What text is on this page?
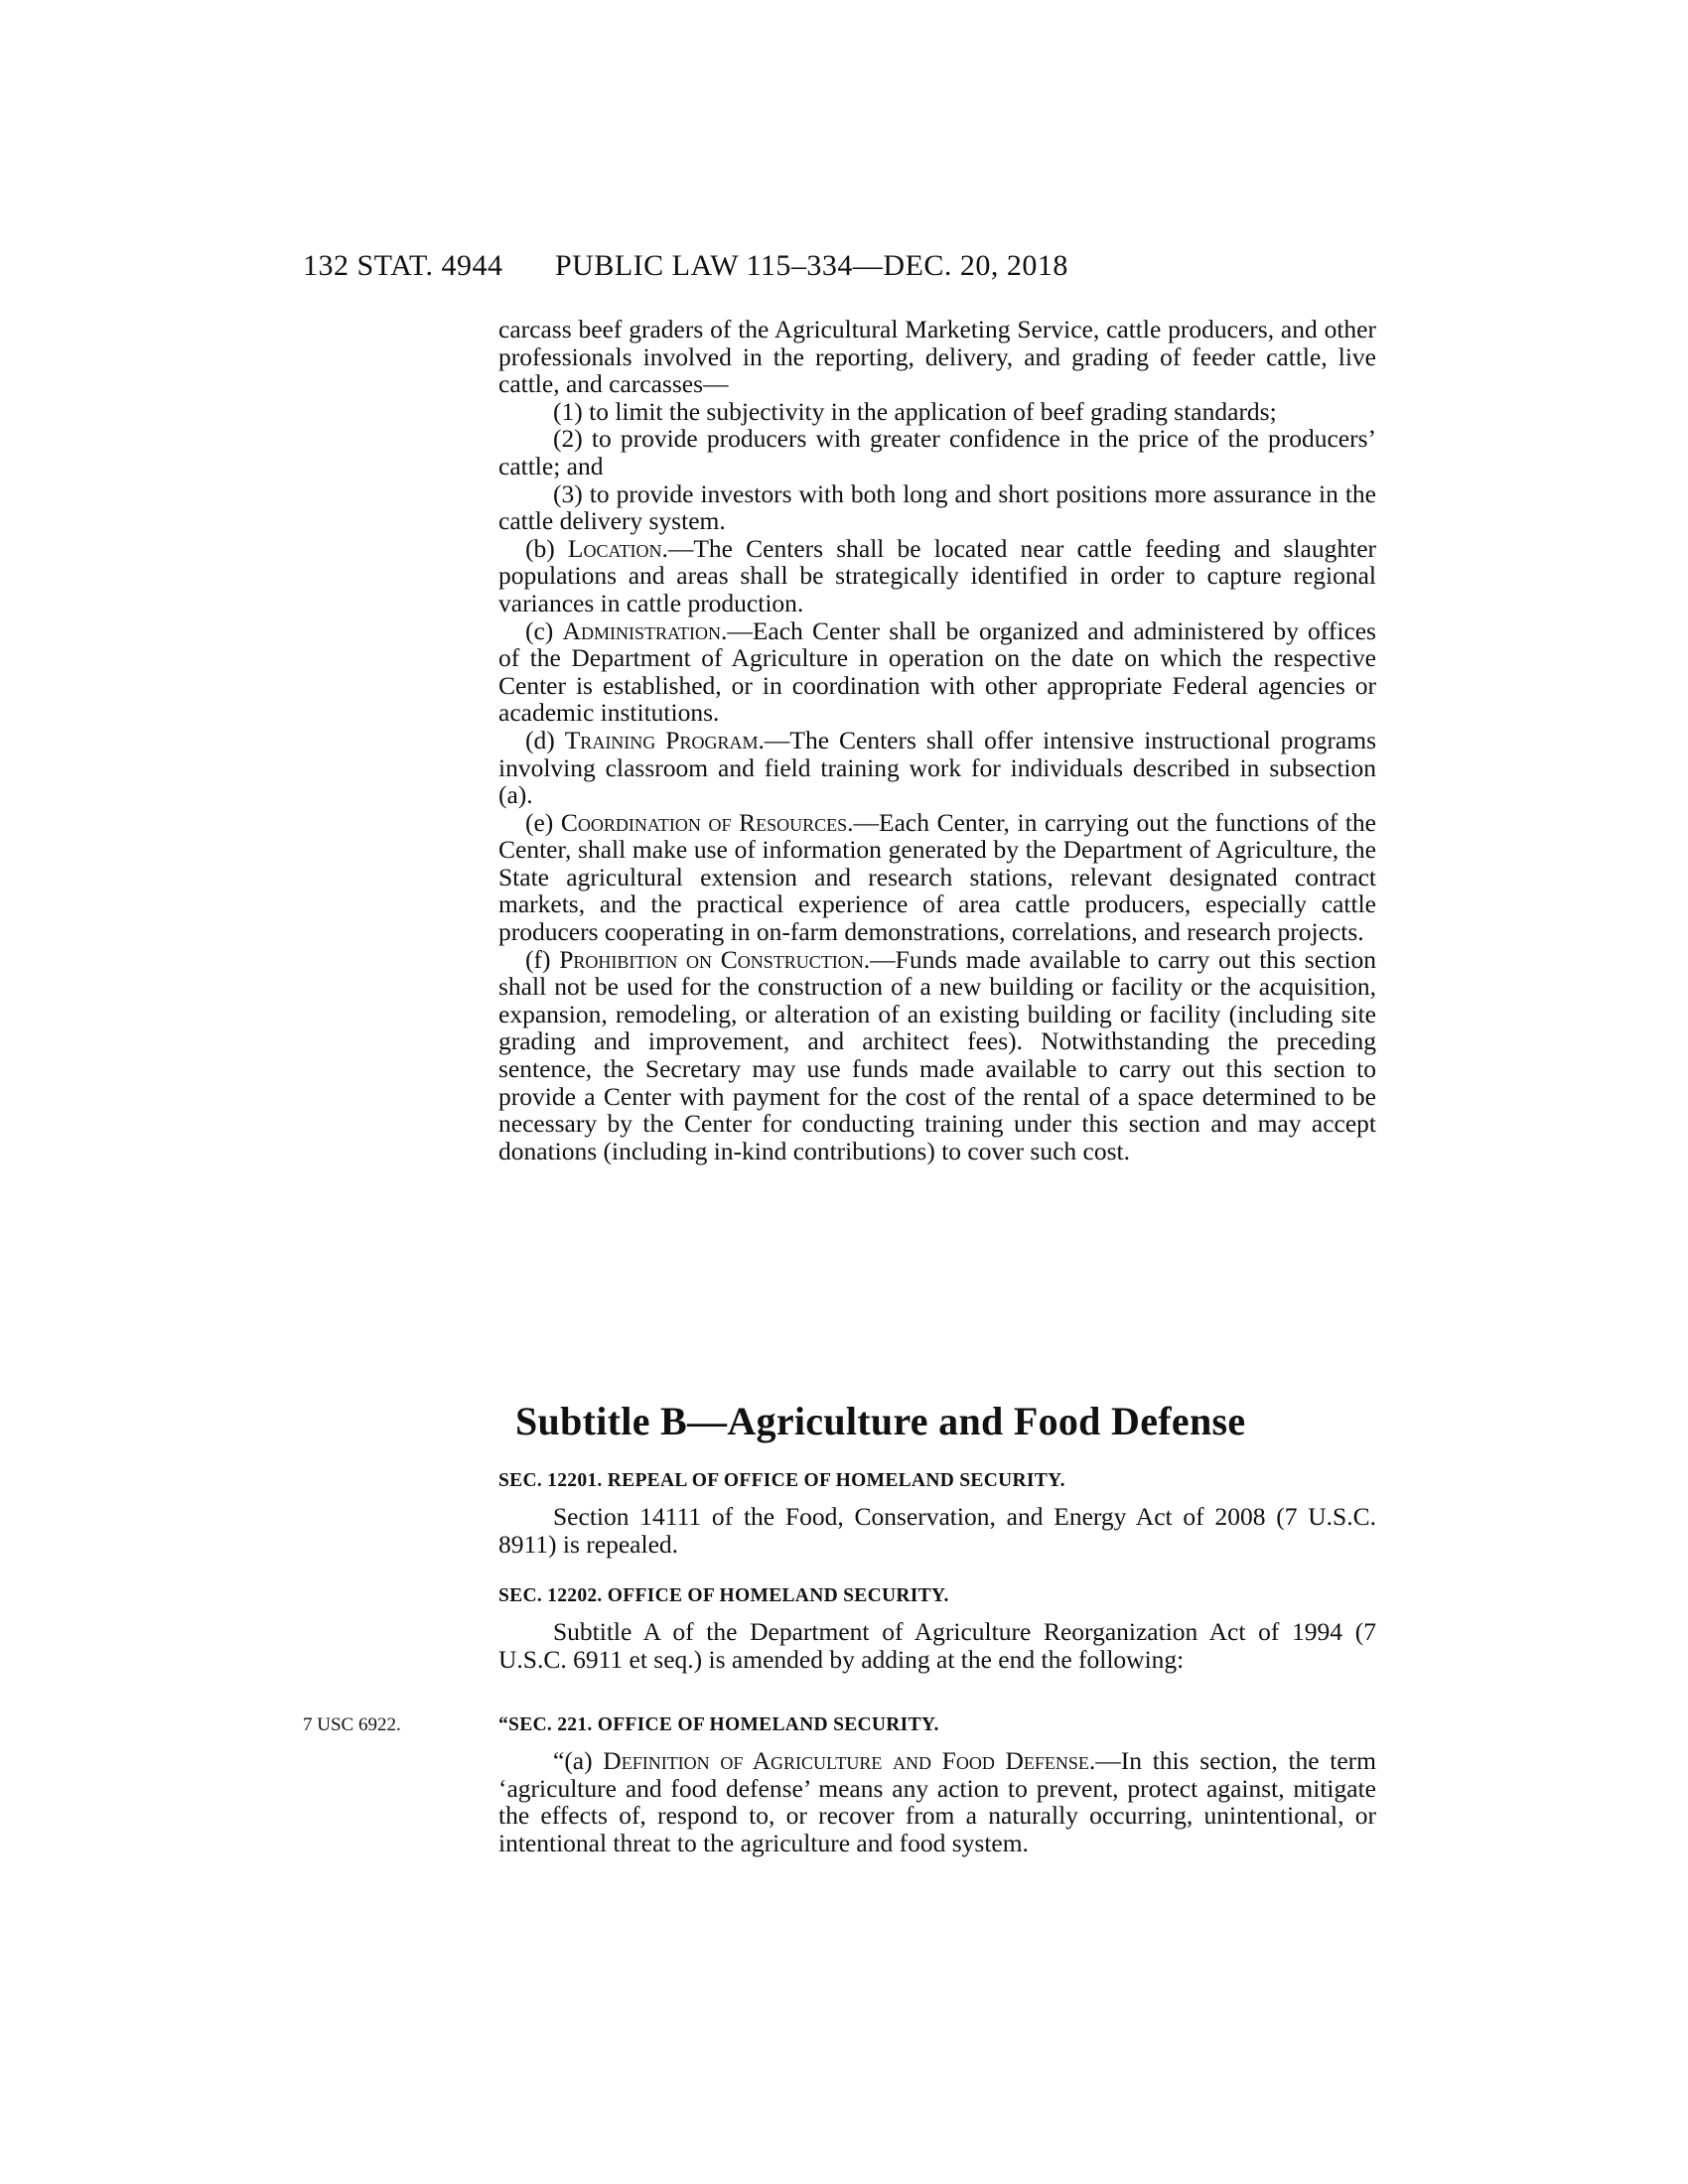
132 STAT. 4944 PUBLIC LAW 115–334—DEC. 20, 2018

carcass beef graders of the Agricultural Marketing Service, cattle producers, and other professionals involved in the reporting, delivery, and grading of feeder cattle, live cattle, and carcasses—

(1) to limit the subjectivity in the application of beef grading standards;

(2) to provide producers with greater confidence in the price of the producers’ cattle; and

(3) to provide investors with both long and short positions more assurance in the cattle delivery system.

(b) Location.—The Centers shall be located near cattle feeding and slaughter populations and areas shall be strategically identified in order to capture regional variances in cattle production.

(c) Administration.—Each Center shall be organized and administered by offices of the Department of Agriculture in operation on the date on which the respective Center is established, or in coordination with other appropriate Federal agencies or academic institutions.

(d) Training Program.—The Centers shall offer intensive instructional programs involving classroom and field training work for individuals described in subsection (a).

(e) Coordination of Resources.—Each Center, in carrying out the functions of the Center, shall make use of information generated by the Department of Agriculture, the State agricultural extension and research stations, relevant designated contract markets, and the practical experience of area cattle producers, especially cattle producers cooperating in on-farm demonstrations, correlations, and research projects.

(f) Prohibition on Construction.—Funds made available to carry out this section shall not be used for the construction of a new building or facility or the acquisition, expansion, remodeling, or alteration of an existing building or facility (including site grading and improvement, and architect fees). Notwithstanding the preceding sentence, the Secretary may use funds made available to carry out this section to provide a Center with payment for the cost of the rental of a space determined to be necessary by the Center for conducting training under this section and may accept donations (including in-kind contributions) to cover such cost.

Subtitle B—Agriculture and Food Defense
SEC. 12201. REPEAL OF OFFICE OF HOMELAND SECURITY.

Section 14111 of the Food, Conservation, and Energy Act of 2008 (7 U.S.C. 8911) is repealed.

SEC. 12202. OFFICE OF HOMELAND SECURITY.

Subtitle A of the Department of Agriculture Reorganization Act of 1994 (7 U.S.C. 6911 et seq.) is amended by adding at the end the following:

7 USC 6922.	“SEC. 221. OFFICE OF HOMELAND SECURITY.

“(a) Definition of Agriculture and Food Defense.—In this section, the term ‘agriculture and food defense’ means any action to prevent, protect against, mitigate the effects of, respond to, or recover from a naturally occurring, unintentional, or intentional threat to the agriculture and food system.
